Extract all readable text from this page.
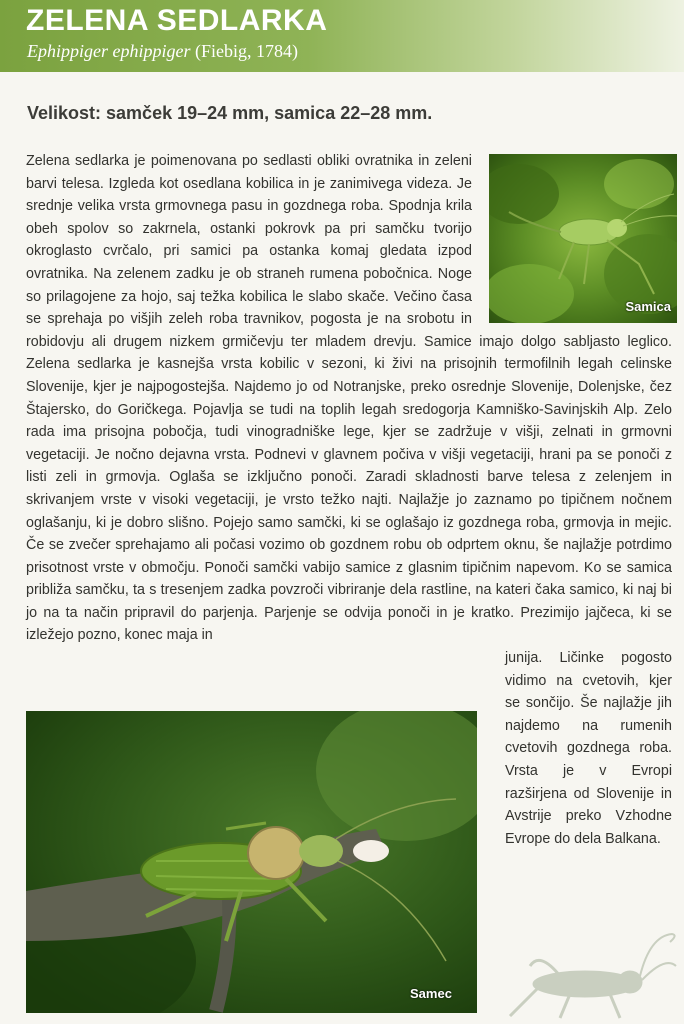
ZELENA SEDLARKA
Ephippiger ephippiger (Fiebig, 1784)
Velikost: samček 19–24 mm, samica 22–28 mm.
Zelena sedlarka je poimenovana po sedlasti obliki ovratnika in zeleni barvi telesa. Izgleda kot osedlana kobilica in je zanimivega videza. Je srednje velika vrsta grmovnega pasu in gozdnega roba. Spodnja krila obeh spolov so zakrnela, ostanki pokrovk pa pri samčku tvorijo okroglasto cvrčalo, pri samici pa ostanka komaj gledata izpod ovratnika. Na zelenem zadku je ob straneh rumena pobočnica. Noge so prilagojene za hojo, saj težka kobilica le slabo skače. Večino časa se sprehaja po višjih zeleh roba travnikov, pogosta je na srobotu in robidovju ali drugem nizkem grmičevju ter mladem drevju. Samice imajo dolgo sabljasto leglico. Zelena sedlarka je kasnejša vrsta kobilic v sezoni, ki živi na prisojnih termofilnih legah celinske Slovenije, kjer je najpogostejša. Najdemo jo od Notranjske, preko osrednje Slovenije, Dolenjske, čez Štajersko, do Goričkega. Pojavlja se tudi na toplih legah sredogorja Kamniško-Savinjskih Alp. Zelo rada ima prisojna pobočja, tudi vinogradniške lege, kjer se zadržuje v višji, zelnati in grmovni vegetaciji. Je nočno dejavna vrsta. Podnevi v glavnem počiva v višji vegetaciji, hrani pa se ponoči z listi zeli in grmovja. Oglaša se izključno ponoči. Zaradi skladnosti barve telesa z zelenjem in skrivanjem vrste v visoki vegetaciji, je vrsto težko najti. Najlažje jo zaznamo po tipičnem nočnem oglašanju, ki je dobro slišno. Pojejo samo samčki, ki se oglašajo iz gozdnega roba, grmovja in mejic. Če se zvečer sprehajamo ali počasi vozimo ob gozdnem robu ob odprtem oknu, še najlažje potrdimo prisotnost vrste v območju. Ponoči samčki vabijo samice z glasnim tipičnim napevom. Ko se samica približa samčku, ta s tresenjem zadka povzroči vibriranje dela rastline, na kateri čaka samico, ki naj bi jo na ta način pripravil do parjenja. Parjenje se odvija ponoči in je kratko. Prezimijo jajčeca, ki se izležejo pozno, konec maja in
junija. Ličinke pogosto vidimo na cvetovih, kjer se sončijo. Še najlažje jih najdemo na rumenih cvetovih gozdnega roba. Vrsta je v Evropi razširjena od Slovenije in Avstrije preko Vzhodne Evrope do dela Balkana.
Samica
Samec
